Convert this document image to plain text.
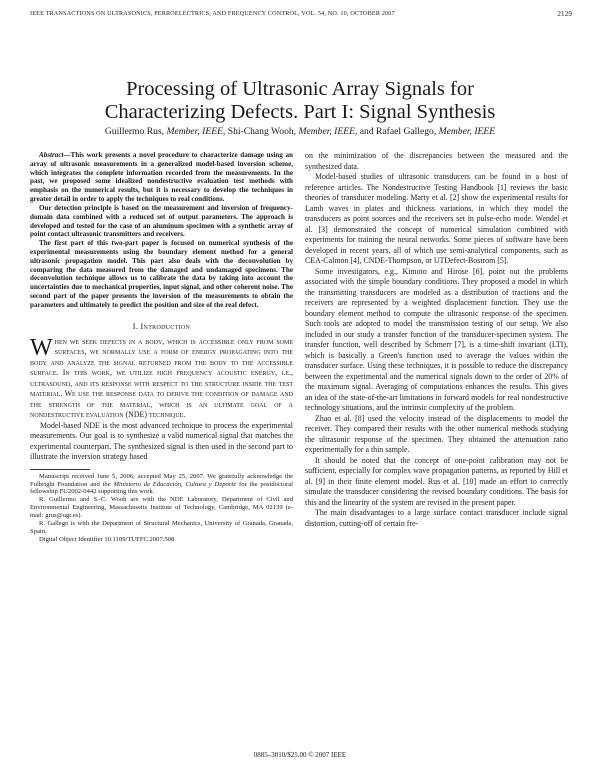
IEEE TRANSACTIONS ON ULTRASONICS, FERROELECTRICS, AND FREQUENCY CONTROL, VOL. 54, NO. 10, OCTOBER 2007	2129
Processing of Ultrasonic Array Signals for
Characterizing Defects. Part I: Signal Synthesis
Guillermo Rus, Member, IEEE, Shi-Chang Wooh, Member, IEEE, and Rafael Gallego, Member, IEEE

Abstract—This work presents a novel procedure to characterize damage using an array of ultrasonic measurements in a generalized model-based inversion scheme, which integrates the complete information recorded from the measurements. In the past, we proposed some idealized nondestructive evaluation test methods with emphasis on the numerical results, but it is necessary to develop the techniques in greater detail in order to apply the techniques to real conditions.

Our detection principle is based on the measurement and inversion of frequency-domain data combined with a reduced set of output parameters. The approach is developed and tested for the case of an aluminum specimen with a synthetic array of point contact ultrasonic transmitters and receivers.

The first part of this two-part paper is focused on numerical synthesis of the experimental measurements using the boundary element method for a general ultrasonic propagation model. This part also deals with the deconvolution by comparing the data measured from the damaged and undamaged specimens. The deconvolution technique allows us to calibrate the data by taking into account the uncertainties due to mechanical properties, input signal, and other coherent noise. The second part of the paper presents the inversion of the measurements to obtain the parameters and ultimately to predict the position and size of the real defect.

I. Introduction

When we seek defects in a body, which is accessible only from some surfaces, we normally use a form of energy propagating into the body and analyze the signal returned from the body to the accessible surface. In this work, we utilize high frequency acoustic energy, i.e., ultrasound, and its response with respect to the structure inside the test material. We use the response data to derive the condition of damage and the strength of the material, which is an ultimate goal of a nondestructive evaluation (NDE) technique.

Model-based NDE is the most advanced technique to process the experimental measurements. Our goal is to synthesize a valid numerical signal that matches the experimental counterpart. The synthesized signal is then used in the second part to illustrate the inversion strategy based

Manuscript received June 5, 2006; accepted May 25, 2007. We gratefully acknowledge the Fulbright Foundation and the Ministerio de Educación, Cultura y Deporte for the postdoctoral fellowship FU2002-0442 supporting this work.

R. Guillermo and S.-C. Wooh are with the NDE Laboratory, Department of Civil and Environmental Engineering, Massachusetts Institute of Technology, Cambridge, MA 02139 (e-mail: grus@ugr.es).

R. Gallego is with the Department of Structural Mechanics, University of Granada, Granada, Spain.

Digital Object Identifier 10.1109/TUFFC.2007.508

on the minimization of the discrepancies between the measured and the synthesized data.

Model-based studies of ultrasonic transducers can be found in a host of reference articles. The Nondestructive Testing Handbook [1] reviews the basic theories of transducer modeling. Marty et al. [2] show the experimental results for Lamb waves in plates and thickness variations, in which they model the transducers as point sources and the receivers set in pulse-echo mode. Wendel et al. [3] demonstrated the concept of numerical simulation combined with experiments for training the neural networks. Some pieces of software have been developed in recent years, all of which use semi-analytical components, such as CEA-Calmon [4], CNDE-Thompson, or UTDefect-Bostrom [5].

Some investigators, e.g., Kimoto and Hirose [6], point out the problems associated with the simple boundary conditions. They proposed a model in which the transmitting transducers are modeled as a distribution of tractions and the receivers are represented by a weighted displacement function. They use the boundary element method to compute the ultrasonic response of the specimen. Such tools are adopted to model the transmission testing of our setup. We also included in our study a transfer function of the transducer-specimen system. The transfer function, well described by Schmerr [7], is a time-shift invariant (LTI), which is basically a Green's function used to average the values within the transducer surface. Using these techniques, it is possible to reduce the discrepancy between the experimental and the numerical signals down to the order of 20% of the maximum signal. Averaging of computations enhances the results. This gives an idea of the state-of-the-art limitations in forward models for real nondestructive technology situations, and the intrinsic complexity of the problem.

Zhao et al. [8] used the velocity instead of the displacements to model the receiver. They compared their results with the other numerical methods studying the ultrasonic response of the specimen. They obtained the attenuation ratio experimentally for a thin sample.

It should be noted that the concept of one-point calibration may not be sufficient, especially for complex wave propagation patterns, as reported by Hill et al. [9] in their finite element model. Rus et al. [10] made an effort to correctly simulate the transducer considering the revised boundary conditions. The basis for this and the linearity of the system are revised in the present paper.

The main disadvantages to a large surface contact transducer include signal distortion, cutting-off of certain fre-

0885–3010/$25.00 © 2007 IEEE
